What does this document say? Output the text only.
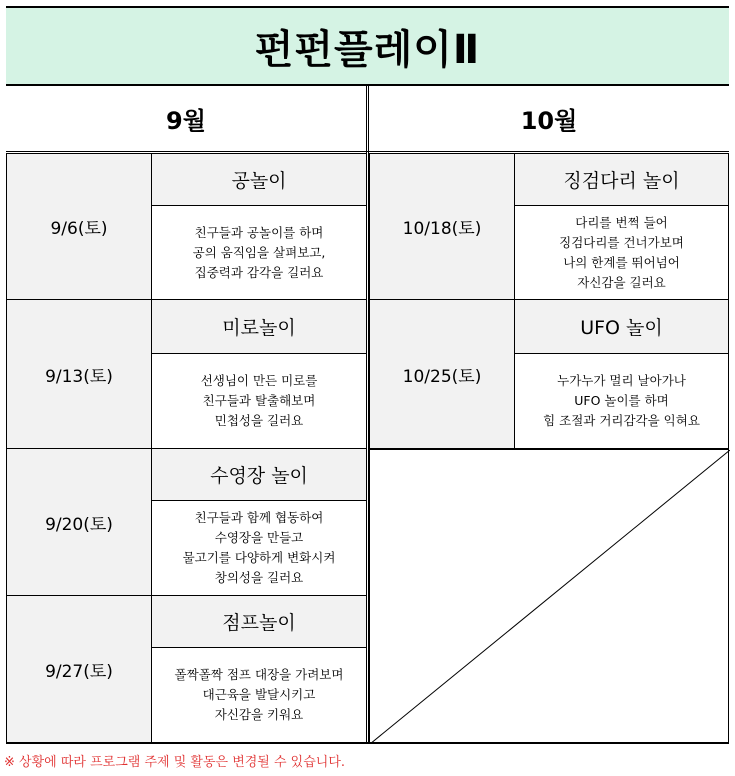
펀펀플레이Ⅱ
9월	10월
9/6(토)
공놀이
친구들과 공놀이를 하며
공의 움직임을 살펴보고,
집중력과 감각을 길러요
9/13(토)
미로놀이
선생님이 만든 미로를
친구들과 탈출해보며
민첩성을 길러요
9/20(토)
수영장 놀이
친구들과 함께 협동하여
수영장을 만들고
물고기를 다양하게 변화시켜
창의성을 길러요
9/27(토)
점프놀이
폴짝폴짝 점프 대장을 가려보며
대근육을 발달시키고
자신감을 키워요
10/18(토)
징검다리 놀이
다리를 번쩍 들어
징검다리를 건너가보며
나의 한계를 뛰어넘어
자신감을 길러요
10/25(토)
UFO 놀이
누가누가 멀리 날아가나
UFO 놀이를 하며
힘 조절과 거리감각을 익혀요
※ 상황에 따라 프로그램 주제 및 활동은 변경될 수 있습니다.
